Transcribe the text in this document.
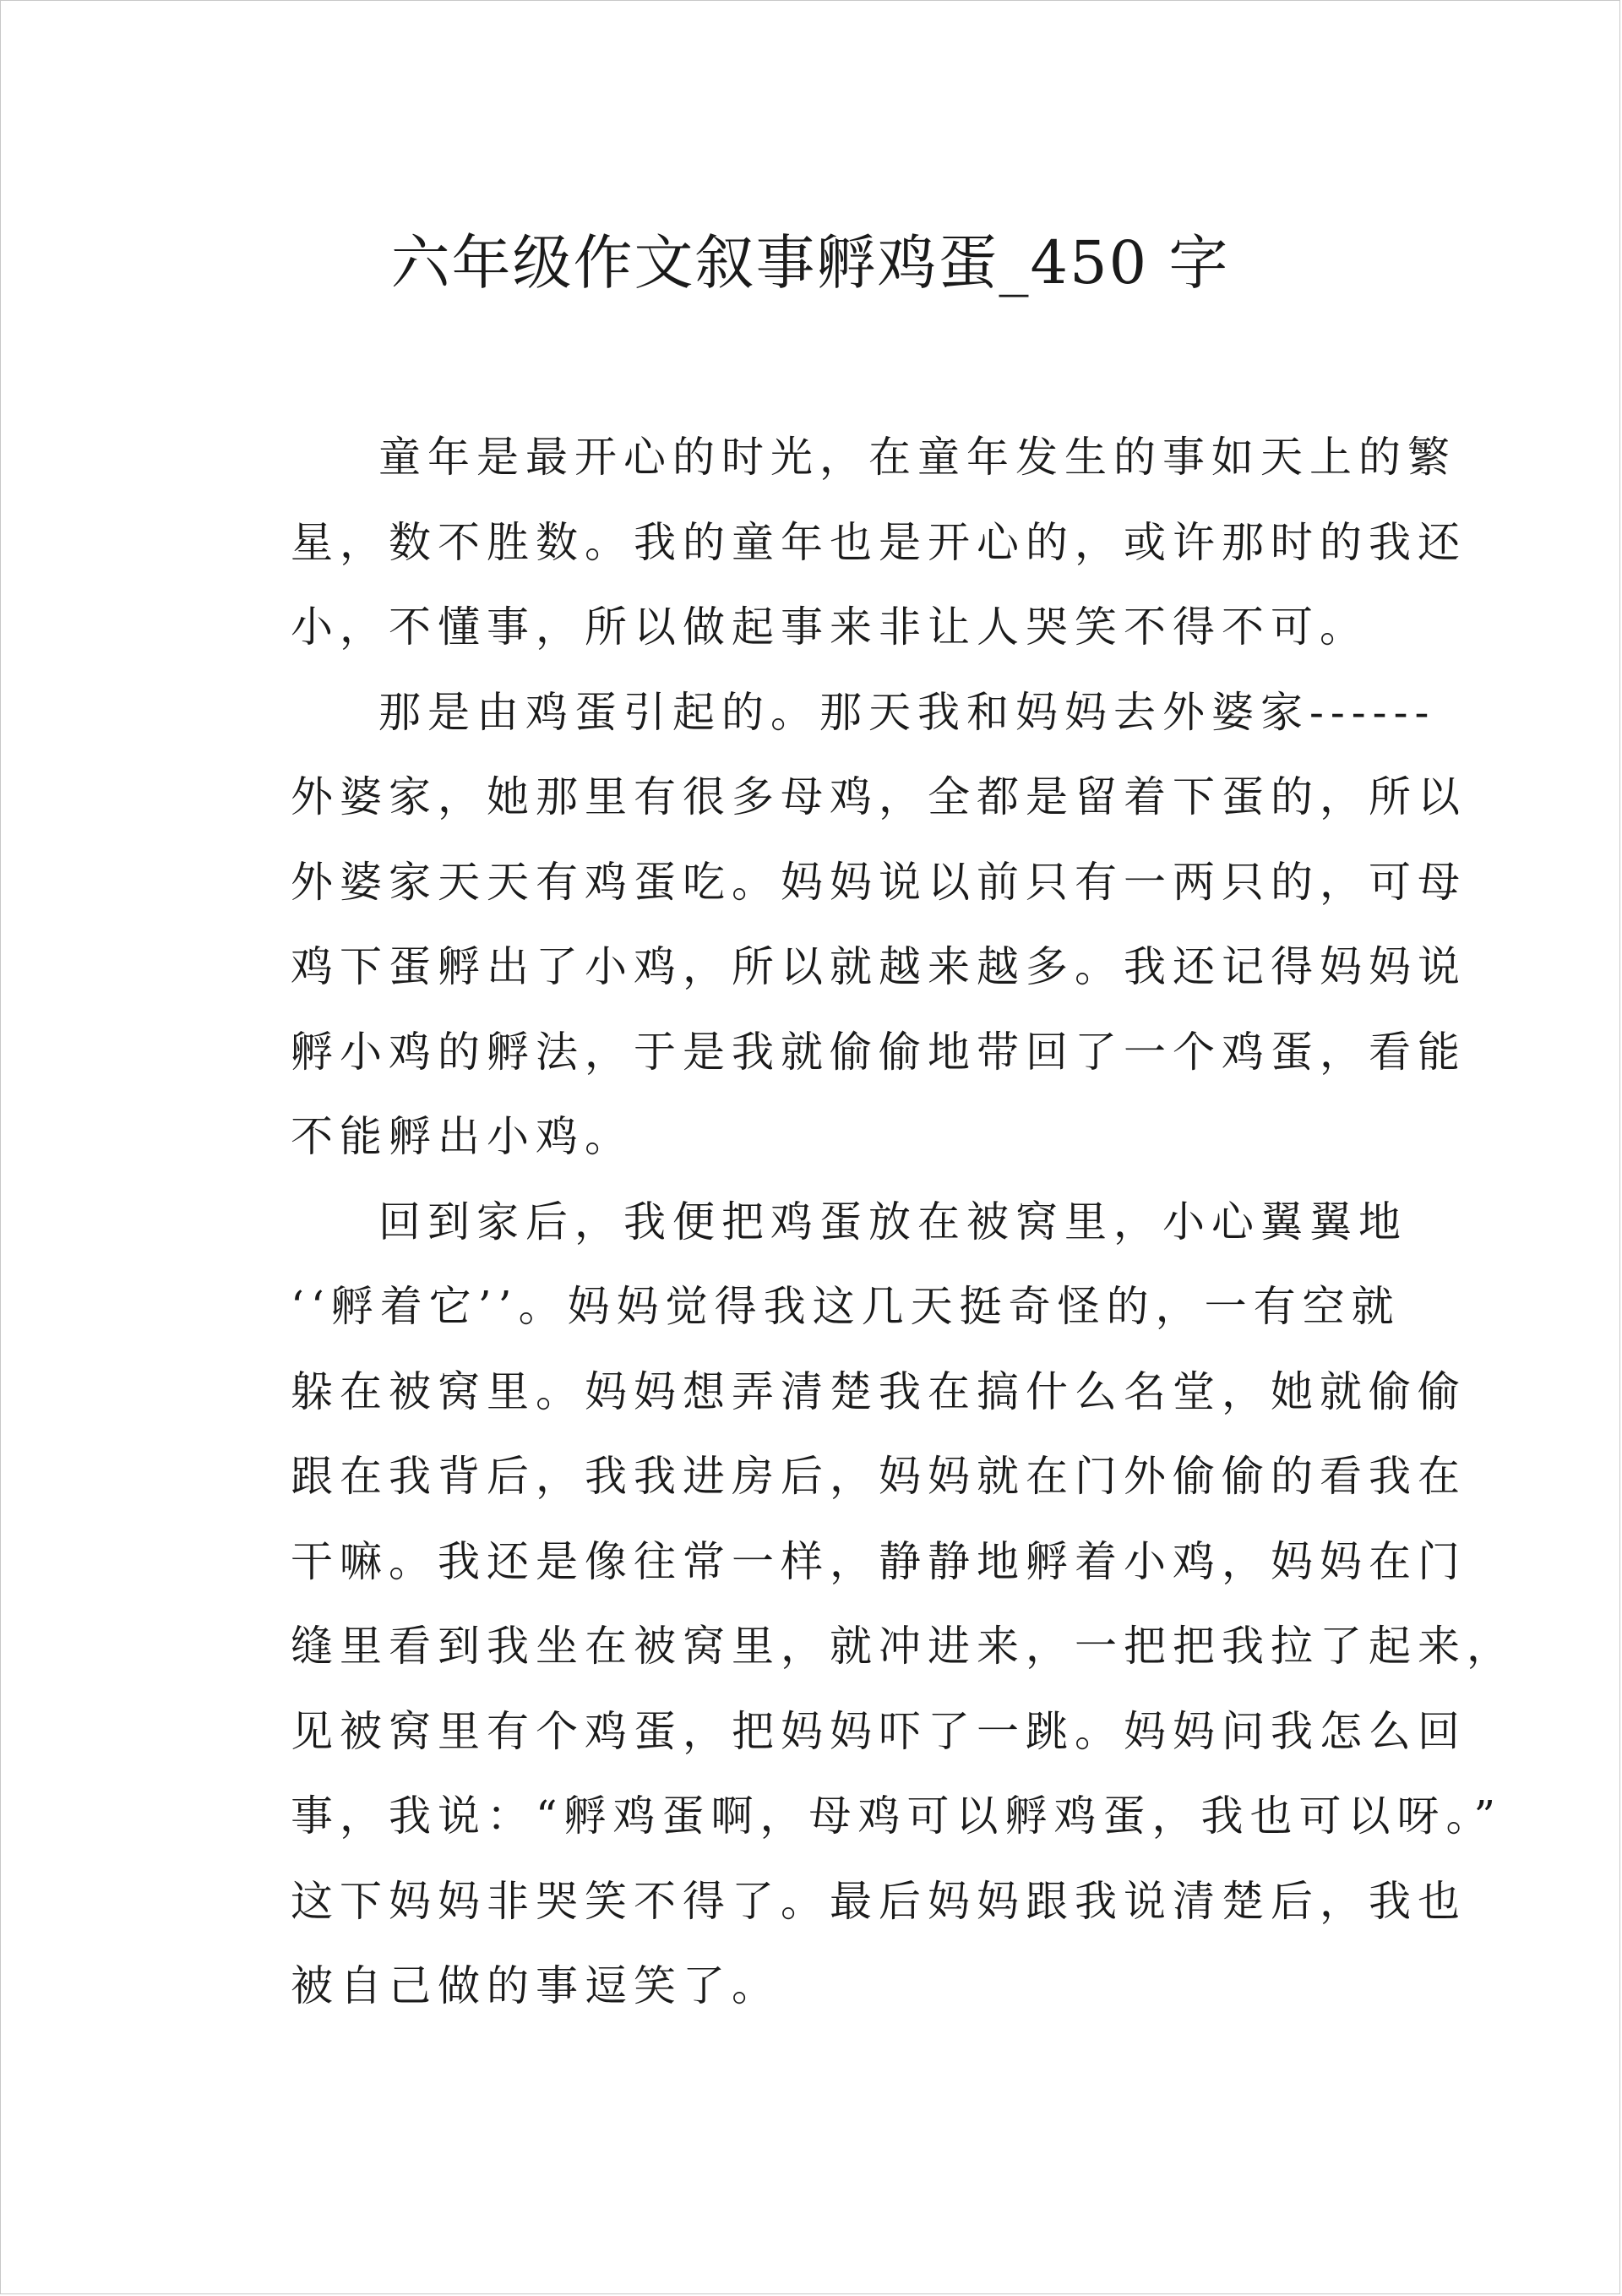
六年级作文叙事孵鸡蛋_450 字

童年是最开心的时光，在童年发生的事如天上的繁
星，数不胜数。我的童年也是开心的，或许那时的我还
小，不懂事，所以做起事来非让人哭笑不得不可。

那是由鸡蛋引起的。那天我和妈妈去外婆家------
外婆家，她那里有很多母鸡，全都是留着下蛋的，所以
外婆家天天有鸡蛋吃。妈妈说以前只有一两只的，可母
鸡下蛋孵出了小鸡，所以就越来越多。我还记得妈妈说
孵小鸡的孵法，于是我就偷偷地带回了一个鸡蛋，看能
不能孵出小鸡。

回到家后，我便把鸡蛋放在被窝里，小心翼翼地
‘‘孵着它’’。妈妈觉得我这几天挺奇怪的，一有空就
躲在被窝里。妈妈想弄清楚我在搞什么名堂，她就偷偷
跟在我背后，我我进房后，妈妈就在门外偷偷的看我在
干嘛。我还是像往常一样，静静地孵着小鸡，妈妈在门
缝里看到我坐在被窝里，就冲进来，一把把我拉了起来，
见被窝里有个鸡蛋，把妈妈吓了一跳。妈妈问我怎么回
事，我说：“孵鸡蛋啊，母鸡可以孵鸡蛋，我也可以呀。”
这下妈妈非哭笑不得了。最后妈妈跟我说清楚后，我也
被自己做的事逗笑了。
